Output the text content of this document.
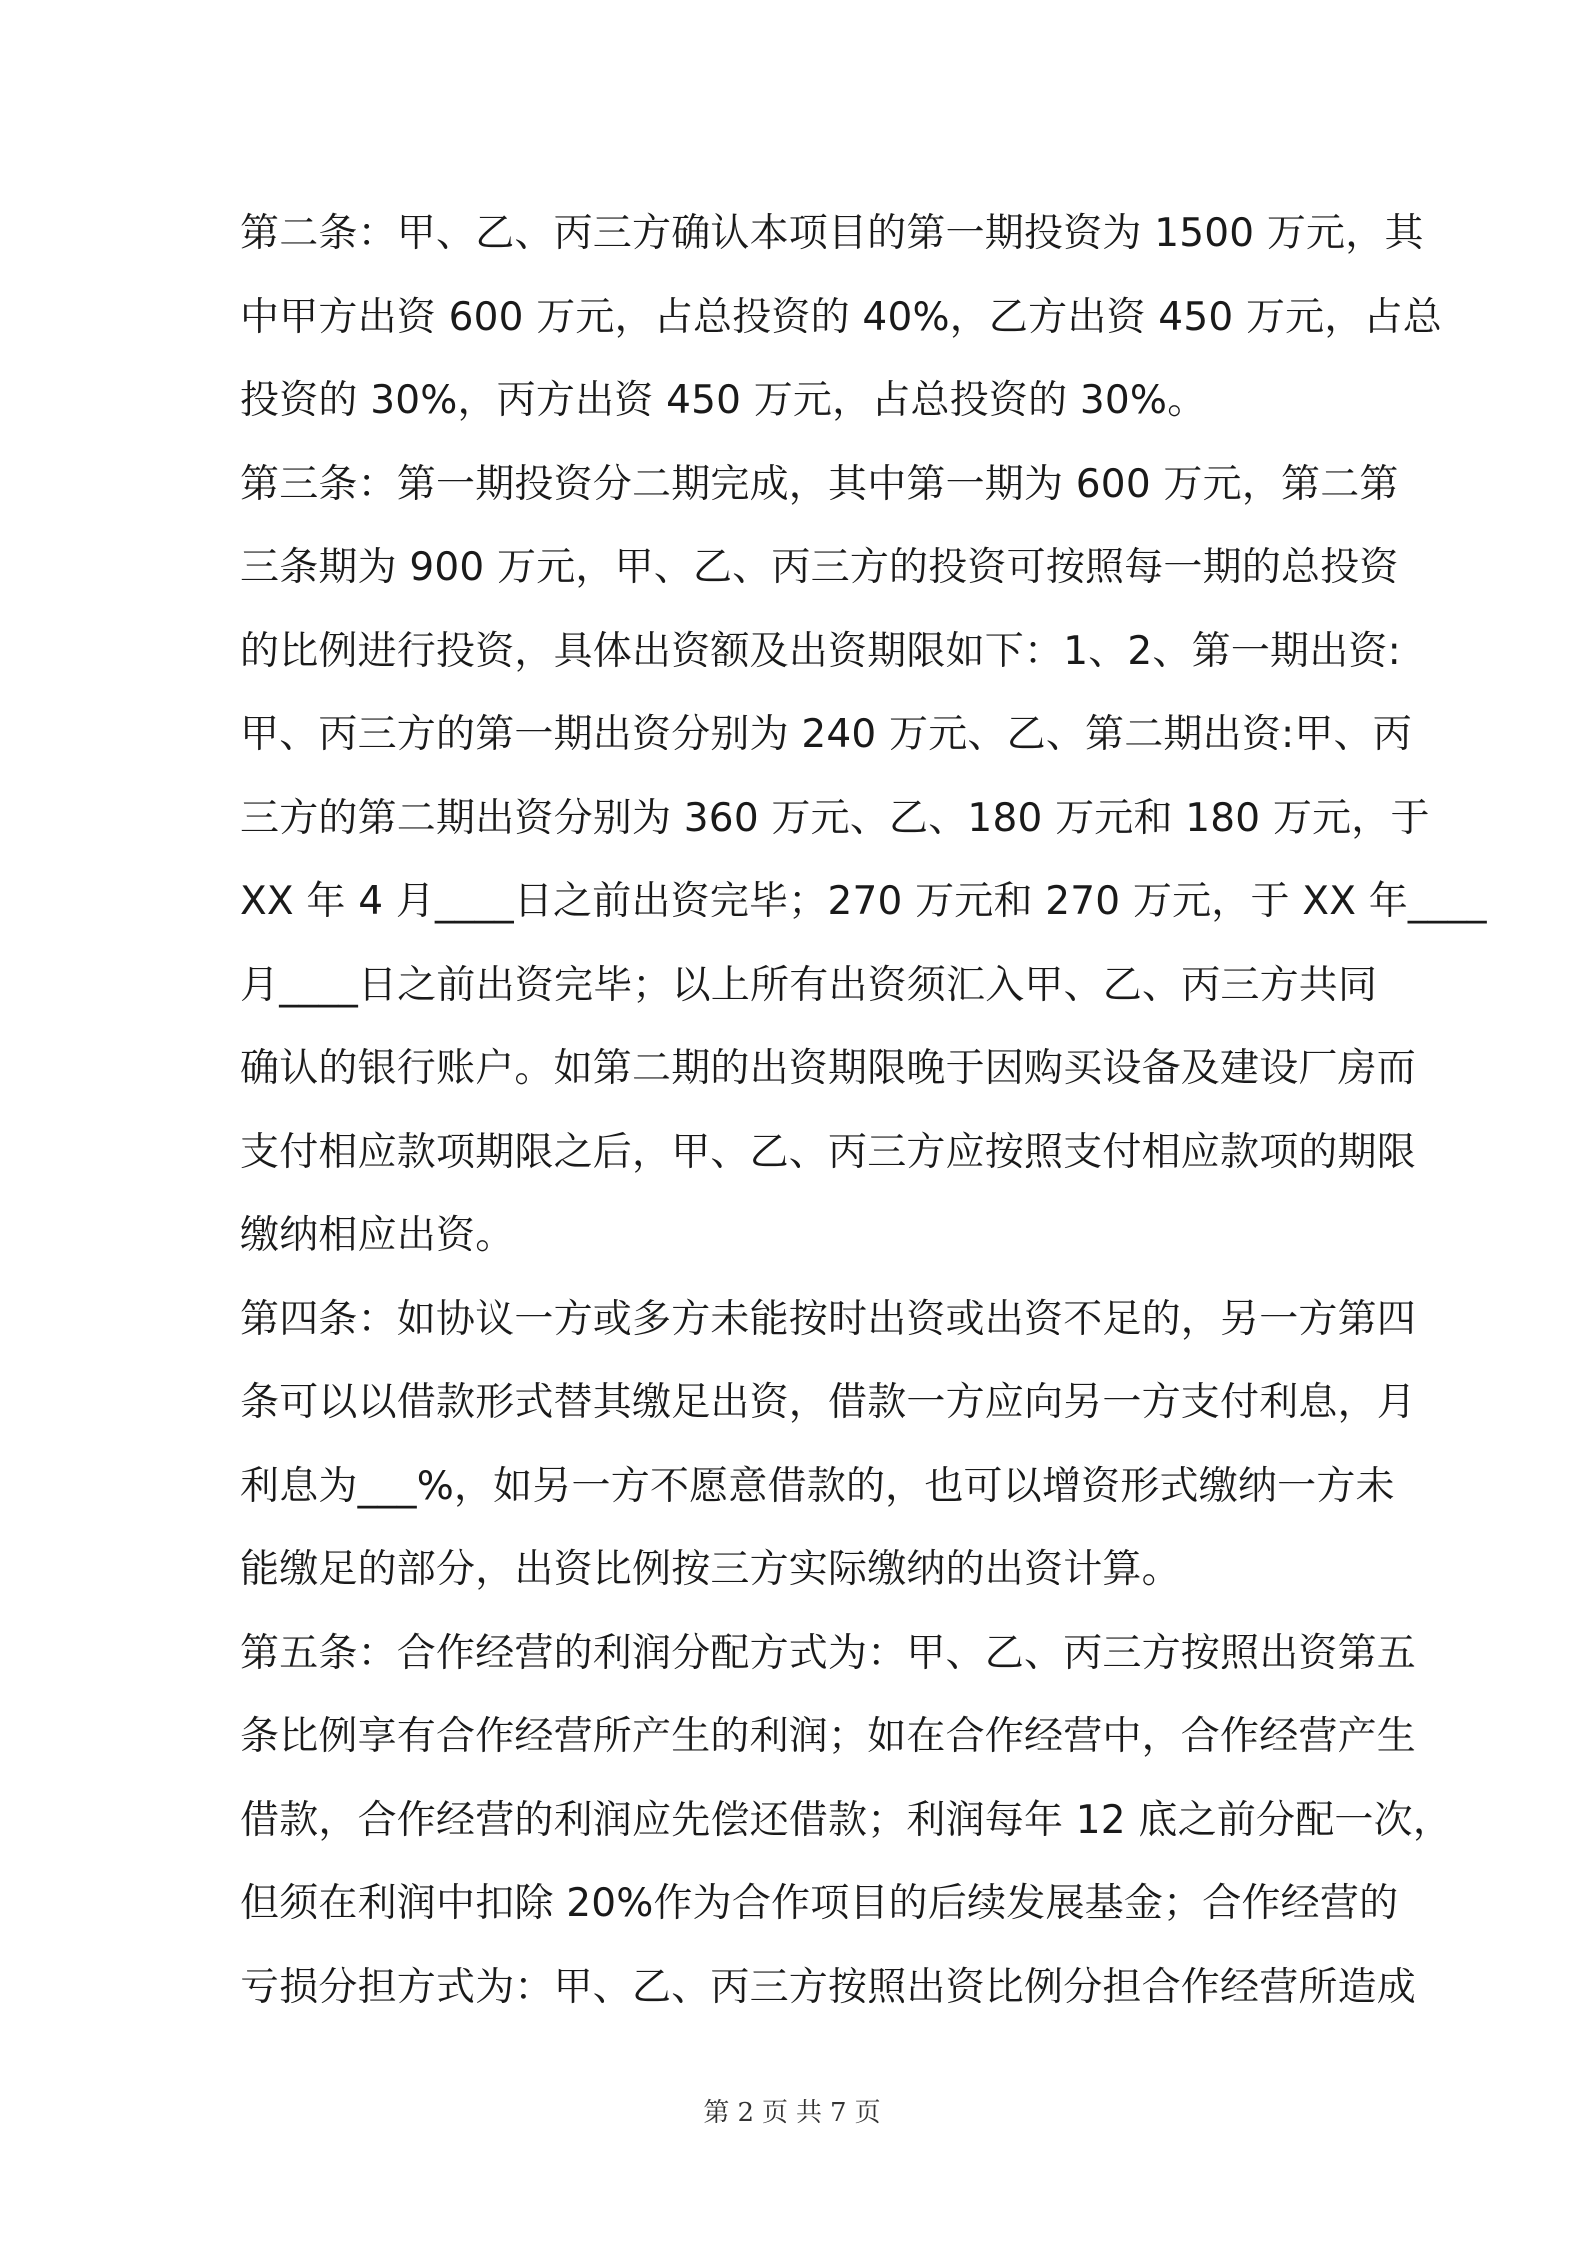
第二条：甲、乙、丙三方确认本项目的第一期投资为 1500 万元，其
中甲方出资 600 万元，占总投资的 40%，乙方出资 450 万元，占总
投资的 30%，丙方出资 450 万元，占总投资的 30%。
第三条：第一期投资分二期完成，其中第一期为 600 万元，第二第
三条期为 900 万元，甲、乙、丙三方的投资可按照每一期的总投资
的比例进行投资，具体出资额及出资期限如下：1、2、第一期出资:
甲、丙三方的第一期出资分别为 240 万元、乙、第二期出资:甲、丙
三方的第二期出资分别为 360 万元、乙、180 万元和 180 万元，于
XX 年 4 月____日之前出资完毕；270 万元和 270 万元，于 XX 年____
月____日之前出资完毕；以上所有出资须汇入甲、乙、丙三方共同
确认的银行账户。如第二期的出资期限晚于因购买设备及建设厂房而
支付相应款项期限之后，甲、乙、丙三方应按照支付相应款项的期限
缴纳相应出资。
第四条：如协议一方或多方未能按时出资或出资不足的，另一方第四
条可以以借款形式替其缴足出资，借款一方应向另一方支付利息，月
利息为___%，如另一方不愿意借款的，也可以增资形式缴纳一方未
能缴足的部分，出资比例按三方实际缴纳的出资计算。
第五条：合作经营的利润分配方式为：甲、乙、丙三方按照出资第五
条比例享有合作经营所产生的利润；如在合作经营中，合作经营产生
借款，合作经营的利润应先偿还借款；利润每年 12 底之前分配一次，
但须在利润中扣除 20%作为合作项目的后续发展基金；合作经营的
亏损分担方式为：甲、乙、丙三方按照出资比例分担合作经营所造成
第 2 页 共 7 页
